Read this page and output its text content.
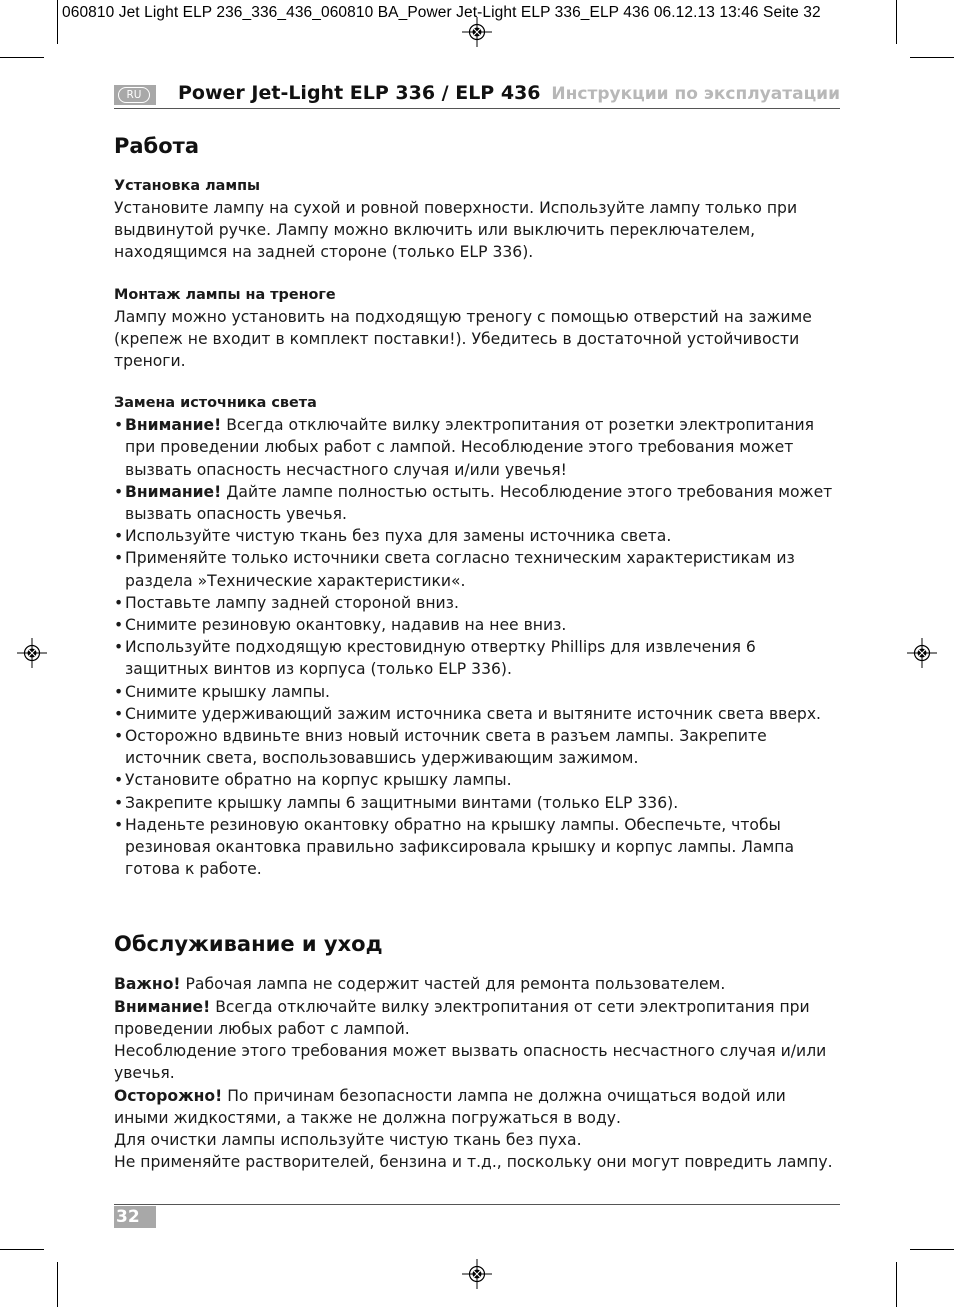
060810 Jet Light ELP 236_336_436_060810 BA_Power Jet-Light ELP 336_ELP 436 06.12.13 13:46 Seite 32
RU	Power Jet-Light ELP 336 / ELP 436 Инструкции по эксплуатации
Работа
Установка лампы

Установите лампу на сухой и ровной поверхности. Используйте лампу только при выдвинутой ручке. Лампу можно включить или выключить переключателем, находящимся на задней стороне (только ELP 336).

Монтаж лампы на треноге

Лампу можно установить на подходящую треногу с помощью отверстий на зажиме (крепеж не входит в комплект поставки!). Убедитесь в достаточной устойчивости треноги.

Замена источника света
• Внимание! Всегда отключайте вилку электропитания от розетки электропитания при проведении любых работ с лампой. Несоблюдение этого требования может вызвать опасность несчастного случая и/или увечья!
• Внимание! Дайте лампе полностью остыть. Несоблюдение этого требования может вызвать опасность увечья.
• Используйте чистую ткань без пуха для замены источника света.
• Применяйте только источники света согласно техническим характеристикам из раздела »Технические характеристики«.
• Поставьте лампу задней стороной вниз.
• Снимите резиновую окантовку, надавив на нее вниз.
• Используйте подходящую крестовидную отвертку Phillips для извлечения 6 защитных винтов из корпуса (только ELP 336).
• Снимите крышку лампы.
• Снимите удерживающий зажим источника света и вытяните источник света вверх.
• Осторожно вдвиньте вниз новый источник света в разъем лампы. Закрепите источник света, воспользовавшись удерживающим зажимом.
• Установите обратно на корпус крышку лампы.
• Закрепите крышку лампы 6 защитными винтами (только ELP 336).
• Наденьте резиновую окантовку обратно на крышку лампы. Обеспечьте, чтобы резиновая окантовка правильно зафиксировала крышку и корпус лампы. Лампа готова к работе.
Обслуживание и уход

Важно! Рабочая лампа не содержит частей для ремонта пользователем.

Внимание! Всегда отключайте вилку электропитания от сети электропитания при проведении любых работ с лампой.

Несоблюдение этого требования может вызвать опасность несчастного случая и/или увечья.

Осторожно! По причинам безопасности лампа не должна очищаться водой или иными жидкостями, а также не должна погружаться в воду.

Для очистки лампы используйте чистую ткань без пуха.

Не применяйте растворителей, бензина и т.д., поскольку они могут повредить лампу.

32
